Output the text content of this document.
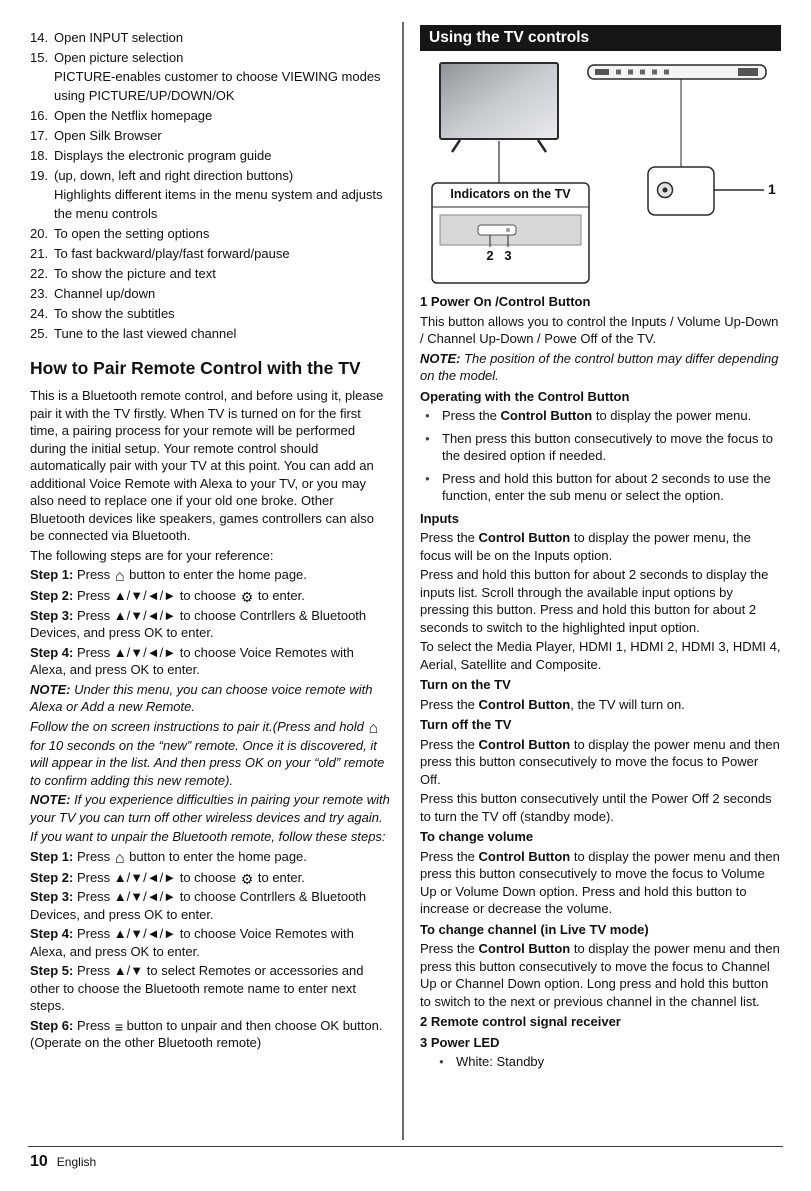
14. Open INPUT selection
15. Open picture selection
PICTURE-enables customer to choose VIEWING modes using PICTURE/UP/DOWN/OK
16. Open the Netflix homepage
17. Open Silk Browser
18. Displays the electronic program guide
19. (up, down, left and right direction buttons)
Highlights different items in the menu system and adjusts the menu controls
20. To open the setting options
21. To fast backward/play/fast forward/pause
22. To show the picture and text
23. Channel up/down
24. To show the subtitles
25. Tune to the last viewed channel
How to Pair Remote Control with the TV

This is a Bluetooth remote control, and before using it, please pair it with the TV firstly. When TV is turned on for the first time, a pairing process for your remote will be performed during the initial setup. Your remote control should automatically pair with your TV at this point. You can add an additional Voice Remote with Alexa to your TV, or you may also need to replace one if your old one broke. Other Bluetooth devices like speakers, games controllers can also be connected via Bluetooth.

The following steps are for your reference:

Step 1: Press ⌂ button to enter the home page.

Step 2: Press ▲/▼/◄/► to choose ⚙ to enter.

Step 3: Press ▲/▼/◄/► to choose Contrllers & Bluetooth Devices, and press OK to enter.

Step 4: Press ▲/▼/◄/► to choose Voice Remotes with Alexa, and press OK to enter.

NOTE: Under this menu, you can choose voice remote with Alexa or Add a new Remote.

Follow the on screen instructions to pair it.(Press and hold ⌂ for 10 seconds on the “new” remote. Once it is discovered, it will appear in the list. And then press OK on your “old” remote to confirm adding this new remote).

NOTE: If you experience difficulties in pairing your remote with your TV you can turn off other wireless devices and try again.

If you want to unpair the Bluetooth remote, follow these steps:

Step 1: Press ⌂ button to enter the home page.

Step 2: Press ▲/▼/◄/► to choose ⚙ to enter.

Step 3: Press ▲/▼/◄/► to choose Contrllers & Bluetooth Devices, and press OK to enter.

Step 4: Press ▲/▼/◄/► to choose Voice Remotes with Alexa, and press OK to enter.

Step 5: Press ▲/▼ to select Remotes or accessories and other to choose the Bluetooth remote name to enter next steps.

Step 6: Press ≡ button to unpair and then choose OK button. (Operate on the other Bluetooth remote)

Using the TV controls
Indicators on the TV	1
2 3

1 Power On /Control Button

This button allows you to control the Inputs / Volume Up-Down / Channel Up-Down / Powe Off of the TV.

NOTE: The position of the control button may differ depending on the model.

Operating with the Control Button

● Press the Control Button to display the power menu.

● Then press this button consecutively to move the focus to the desired option if needed.

● Press and hold this button for about 2 seconds to use the function, enter the sub menu or select the option.

Inputs

Press the Control Button to display the power menu, the focus will be on the Inputs option.

Press and hold this button for about 2 seconds to display the inputs list. Scroll through the available input options by pressing this button. Press and hold this button for about 2 seconds to switch to the highlighted input option.

To select the Media Player, HDMI 1, HDMI 2, HDMI 3, HDMI 4, Aerial, Satellite and Composite.

Turn on the TV

Press the Control Button, the TV will turn on.

Turn off the TV

Press the Control Button to display the power menu and then press this button consecutively to move the focus to Power Off.

Press this button consecutively until the Power Off 2 seconds to turn the TV off (standby mode).

To change volume

Press the Control Button to display the power menu and then press this button consecutively to move the focus to Volume Up or Volume Down option. Press and hold this button to increase or decrease the volume.

To change channel (in Live TV mode)

Press the Control Button to display the power menu and then press this button consecutively to move the focus to Channel Up or Channel Down option. Long press and hold this button to switch to the next or previous channel in the channel list.

2 Remote control signal receiver

3 Power LED

● White: Standby

10 English
